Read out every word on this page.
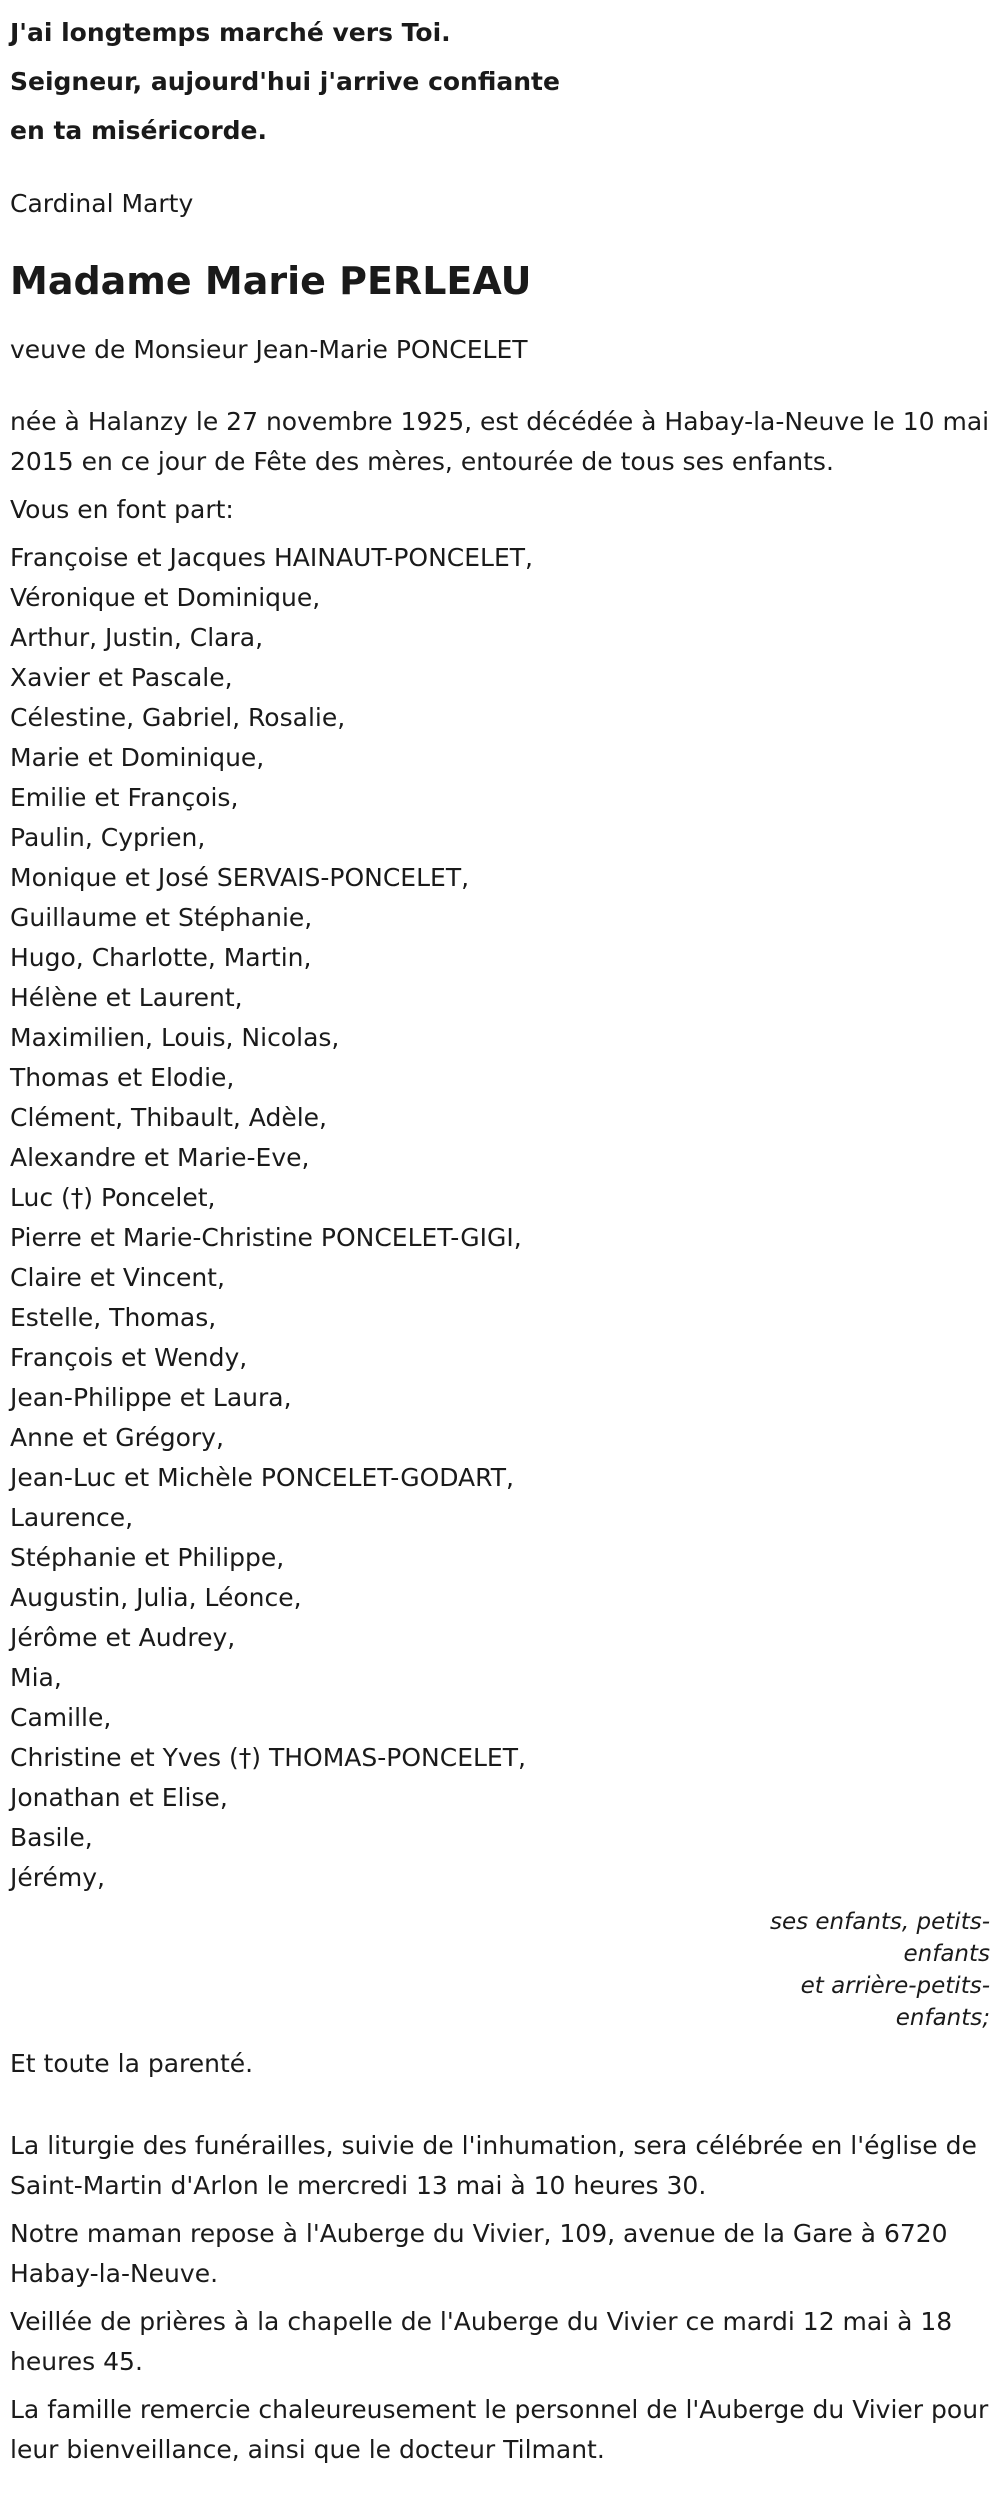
J'ai longtemps marché vers Toi.
Seigneur, aujourd'hui j'arrive confiante
en ta miséricorde.
Cardinal Marty
Madame Marie PERLEAU
veuve de Monsieur Jean-Marie PONCELET
née à Halanzy le 27 novembre 1925, est décédée à Habay-la-Neuve le 10 mai 2015 en ce jour de Fête des mères, entourée de tous ses enfants.
Vous en font part:
Françoise et Jacques HAINAUT-PONCELET,
Véronique et Dominique,
Arthur, Justin, Clara,
Xavier et Pascale,
Célestine, Gabriel, Rosalie,
Marie et Dominique,
Emilie et François,
Paulin, Cyprien,
Monique et José SERVAIS-PONCELET,
Guillaume et Stéphanie,
Hugo, Charlotte, Martin,
Hélène et Laurent,
Maximilien, Louis, Nicolas,
Thomas et Elodie,
Clément, Thibault, Adèle,
Alexandre et Marie-Eve,
Luc (†) Poncelet,
Pierre et Marie-Christine PONCELET-GIGI,
Claire et Vincent,
Estelle, Thomas,
François et Wendy,
Jean-Philippe et Laura,
Anne et Grégory,
Jean-Luc et Michèle PONCELET-GODART,
Laurence,
Stéphanie et Philippe,
Augustin, Julia, Léonce,
Jérôme et Audrey,
Mia,
Camille,
Christine et Yves (†) THOMAS-PONCELET,
Jonathan et Elise,
Basile,
Jérémy,
ses enfants, petits-
enfants
et arrière-petits-
enfants;
Et toute la parenté.
La liturgie des funérailles, suivie de l'inhumation, sera célébrée en l'église de Saint-Martin d'Arlon le mercredi 13 mai à 10 heures 30.
Notre maman repose à l'Auberge du Vivier, 109, avenue de la Gare à 6720 Habay-la-Neuve.
Veillée de prières à la chapelle de l'Auberge du Vivier ce mardi 12 mai à 18 heures 45.
La famille remercie chaleureusement le personnel de l'Auberge du Vivier pour leur bienveillance, ainsi que le docteur Tilmant.
